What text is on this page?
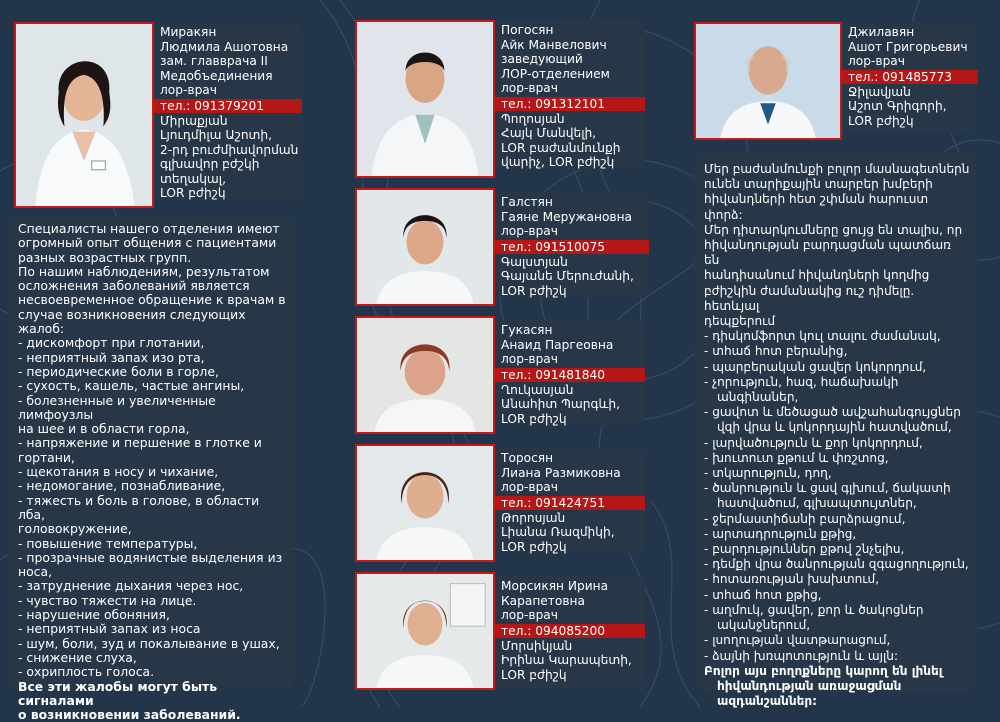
Миракян
Людмила Ашотовна
зам. главврача II
Медобъединения
лор-врач
тел.: 091379201
Միրաքյան
Լյուդմիլա Աշոտի,
2-րդ բուժմիավորման
գլխավոր բժշկի
տեղակալ,
LOR բժիշկ
Погосян
Айк Манвелович
заведующий
ЛОР-отделением
лор-врач
тел.: 091312101
Պողոսյան
Հայկ Մանվելի,
LOR բաժանմունքի
վարիչ, LOR բժիշկ
Джилавян
Ашот Григорьевич
лор-врач
тел.: 091485773
Ջիլավյան
Աշոտ Գրիգորի,
LOR բժիշկ
Галстян
Гаяне Меружановна
лор-врач
тел.: 091510075
Գալստյան
Գայանե Մերուժանի,
LOR բժիշկ
Гукасян
Анаид Паргеовна
лор-врач
тел.: 091481840
Ղուկասյան
Անահիտ Պարգևի,
LOR բժիշկ
Торосян
Лиана Размиковна
лор-врач
тел.: 091424751
Թորոսյան
Լիանա Ռազմիկի,
LOR բժիշկ
Морсикян Ирина
Карапетовна
лор-врач
тел.: 094085200
Մորսիկյան
Իրինա Կարապետի,
LOR բժիշկ

Специалисты нашего отделения имеют
огромный опыт общения с пациентами
разных возрастных групп.
По нашим наблюдениям, результатом
осложнения заболеваний является
несвоевременное обращение к врачам в
случае возникновения следующих жалоб:

- дискомфорт при глотании,
- неприятный запах изо рта,
- периодические боли в горле,
- сухость, кашель, частые ангины,
- болезненные и увеличенные лимфоузлы
на шее и в области горла,
- напряжение и першение в глотке и гортани,
- щекотания в носу и чихание,
- недомогание, познабливание,
- тяжесть и боль в голове, в области лба,
головокружение,
- повышение температуры,
- прозрачные водянистые выделения из
носа,
- затруднение дыхания через нос,
- чувство тяжести на лице.
- нарушение обоняния,
- неприятный запах из носа
- шум, боли, зуд и покалывание в ушах,
- снижение слуха,
- охриплость голоса.

Все эти жалобы могут быть сигналами
о возникновении заболеваний.

Մեր բաժանմունքի բոլոր մասնագետներն
ունեն տարիքային տարբեր խմբերի
հիվանդների հետ շփման հարուստ փորձ:
Մեր դիտարկումները ցույց են տալիս, որ
հիվանդության բարդացման պատճառ են
հանդիսանում հիվանդների կողմից
բժիշկին ժամանակից ուշ դիմելը. հետևյալ
դեպքերում

- դիսկոմֆորտ կուլ տալու ժամանակ,
- տհաճ հոտ բերանից,
- պարբերական ցավեր կոկորդում,
- չորություն, հազ, հաճախակի
անգինաներ,
- ցավոտ և մեծացած ավշահանգույցներ
վզի վրա և կոկորդային հատվածում,
- լարվածություն և քոր կոկորդում,
- խուտուտ քթում և փռշտոց,
- տկարություն, դող,
- ծանրություն և ցավ գլխում, ճակատի
հատվածում, գլխապտույտներ,
- ջերմաստիճանի բարձրացում,
- արտադրություն քթից,
- բարդություններ քթով շնչելիս,
- դեմքի վրա ծանրության զգացողություն,
- հոտառության խախտում,
- տհաճ հոտ քթից,
- աղմուկ, ցավեր, քոր և ծակոցներ
ականջներում,
- լսողության վատթարացում,
- ձայնի խռպոտություն և այլն:

Բոլոր այս բողոքները կարող են լինել
հիվանդության առաջացման
ազդանշաններ:
